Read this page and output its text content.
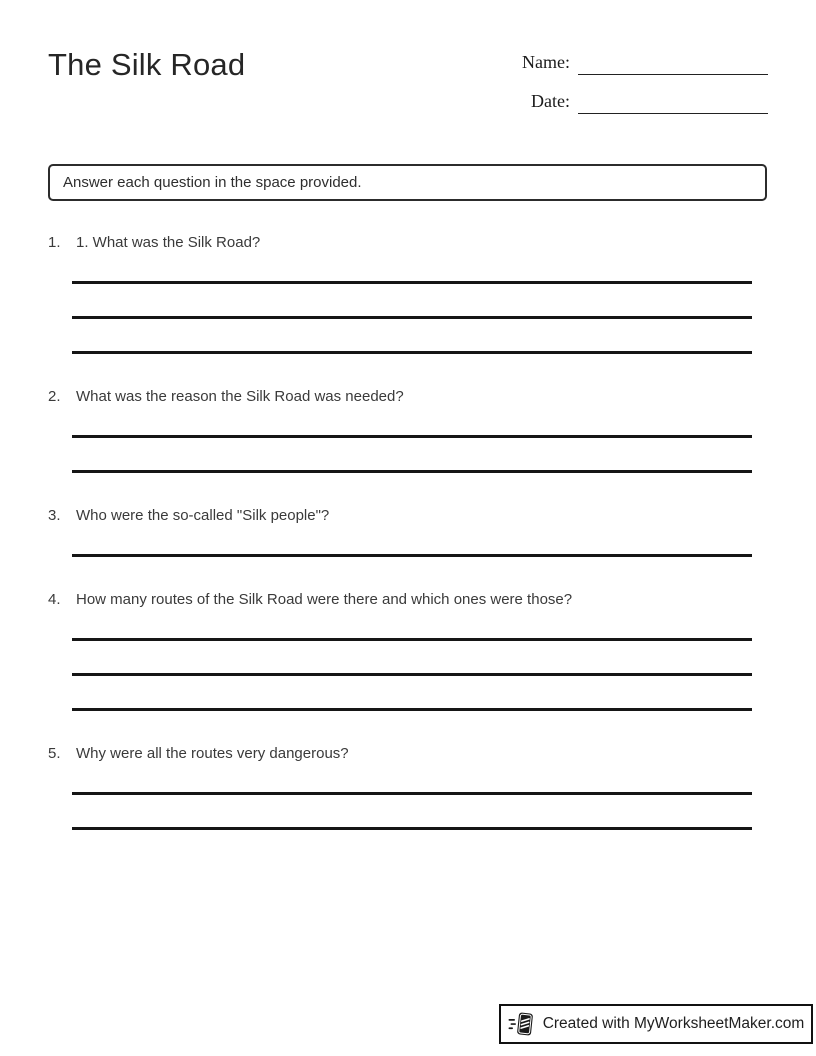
The Silk Road	Name:
Date:
Answer each question in the space provided.
1.	1. What was the Silk Road?
2.	What was the reason the Silk Road was needed?
3.	Who were the so-called "Silk people"?
4.	How many routes of the Silk Road were there and which ones were those?
5.	Why were all the routes very dangerous?
Created with MyWorksheetMaker.com
